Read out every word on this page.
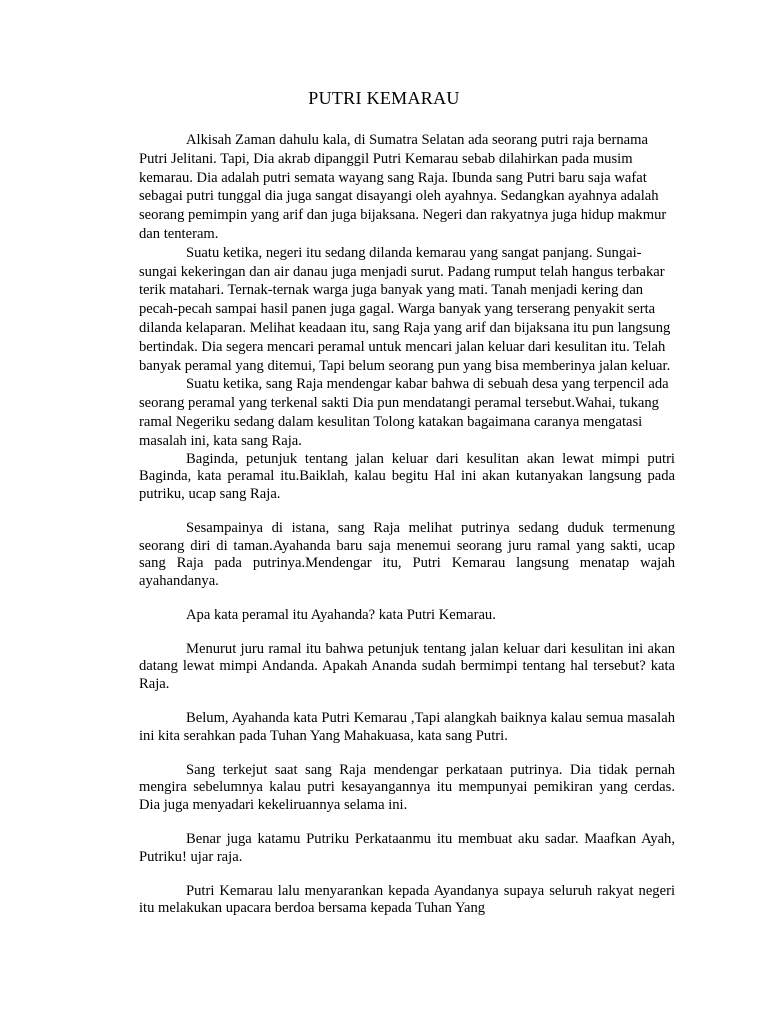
PUTRI KEMARAU

Alkisah Zaman dahulu kala, di Sumatra Selatan ada seorang putri raja bernama Putri Jelitani. Tapi, Dia akrab dipanggil Putri Kemarau sebab dilahirkan pada musim kemarau. Dia adalah putri semata wayang sang Raja. Ibunda sang Putri baru saja wafat sebagai putri tunggal dia juga sangat disayangi oleh ayahnya. Sedangkan ayahnya adalah seorang pemimpin yang arif dan juga bijaksana. Negeri dan rakyatnya juga hidup makmur dan tenteram.

Suatu ketika, negeri itu sedang dilanda kemarau yang sangat panjang. Sungai-sungai kekeringan dan air danau juga menjadi surut. Padang rumput telah hangus terbakar terik matahari. Ternak-ternak warga juga banyak yang mati. Tanah menjadi kering dan pecah-pecah sampai hasil panen juga gagal. Warga banyak yang terserang penyakit serta dilanda kelaparan. Melihat keadaan itu, sang Raja yang arif dan bijaksana itu pun langsung bertindak. Dia segera mencari peramal untuk mencari jalan keluar dari kesulitan itu. Telah banyak peramal yang ditemui, Tapi belum seorang pun yang bisa memberinya jalan keluar.

Suatu ketika, sang Raja mendengar kabar bahwa di sebuah desa yang terpencil ada seorang peramal yang terkenal sakti Dia pun mendatangi peramal tersebut.Wahai, tukang ramal Negeriku sedang dalam kesulitan Tolong katakan bagaimana caranya mengatasi masalah ini, kata sang Raja.

Baginda, petunjuk tentang jalan keluar dari kesulitan akan lewat mimpi putri Baginda, kata peramal itu.Baiklah, kalau begitu Hal ini akan kutanyakan langsung pada putriku, ucap sang Raja.

Sesampainya di istana, sang Raja melihat putrinya sedang duduk termenung seorang diri di taman.Ayahanda baru saja menemui seorang juru ramal yang sakti, ucap sang Raja pada putrinya.Mendengar itu, Putri Kemarau langsung menatap wajah ayahandanya.

Apa kata peramal itu Ayahanda? kata Putri Kemarau.

Menurut juru ramal itu bahwa petunjuk tentang jalan keluar dari kesulitan ini akan datang lewat mimpi Andanda. Apakah Ananda sudah bermimpi tentang hal tersebut? kata Raja.

Belum, Ayahanda kata Putri Kemarau ,Tapi alangkah baiknya kalau semua masalah ini kita serahkan pada Tuhan Yang Mahakuasa, kata sang Putri.

Sang terkejut saat sang Raja mendengar perkataan putrinya. Dia tidak pernah mengira sebelumnya kalau putri kesayangannya itu mempunyai pemikiran yang cerdas. Dia juga menyadari kekeliruannya selama ini.

Benar juga katamu Putriku Perkataanmu itu membuat aku sadar. Maafkan Ayah, Putriku! ujar raja.

Putri Kemarau lalu menyarankan kepada Ayandanya supaya seluruh rakyat negeri itu melakukan upacara berdoa bersama kepada Tuhan Yang
